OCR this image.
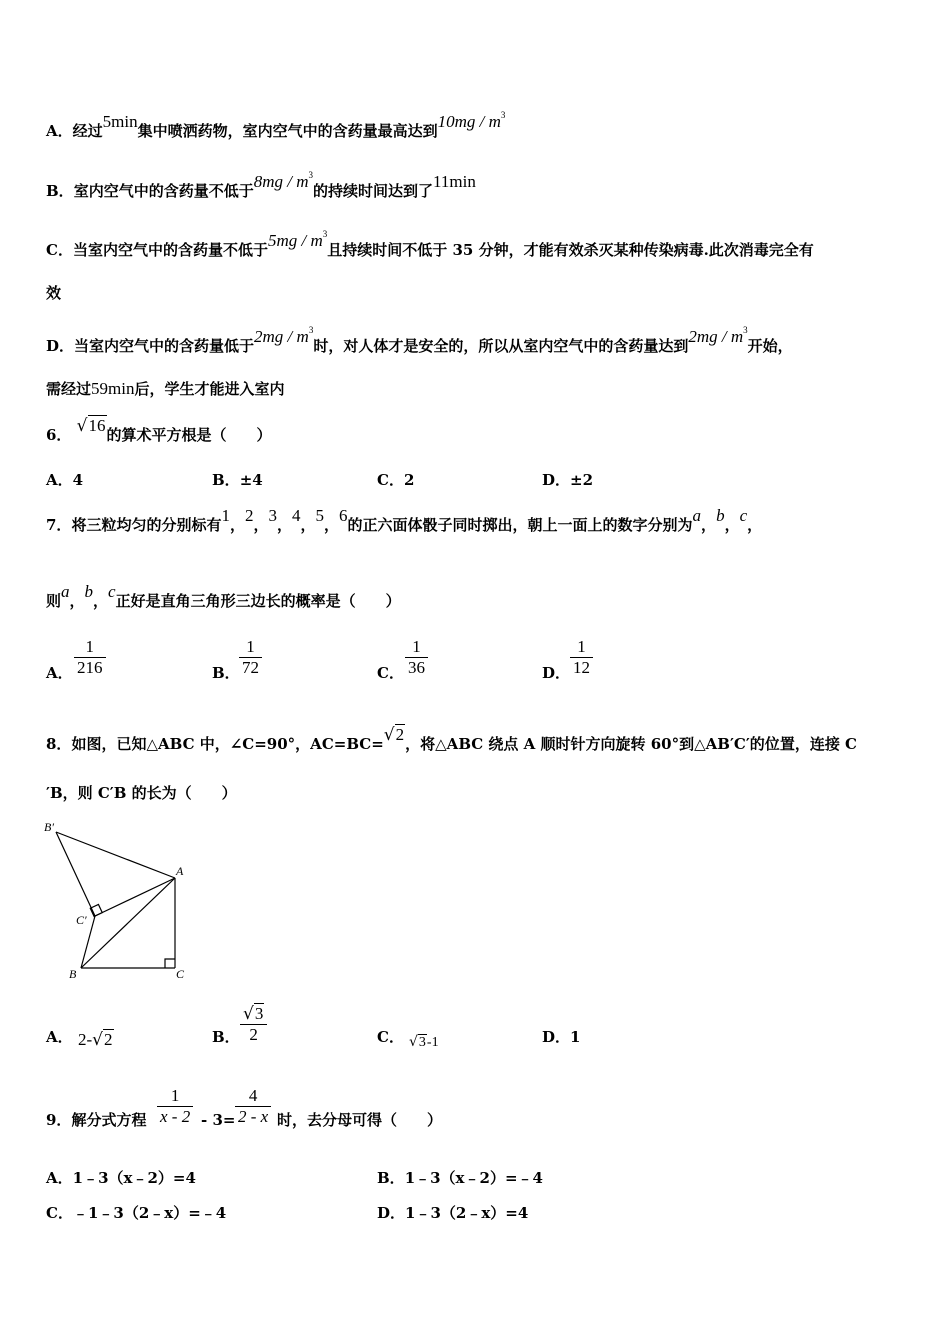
A．经过5min集中喷洒药物，室内空气中的含药量最高达到$10mg / m^3$
B．室内空气中的含药量不低于$8mg / m^3$的持续时间达到了11min
C．当室内空气中的含药量不低于$5mg / m^3$且持续时间不低于 35 分钟，才能有效杀灭某种传染病毒.此次消毒完全有
效
D．当室内空气中的含药量低于$2mg / m^3$时，对人体才是安全的，所以从室内空气中的含药量达到$2mg / m^3$开始，
需经过59min后，学生才能进入室内
6． √16的算术平方根是（　　）
A．4	B．±4	C．2	D．±2
7．将三粒均匀的分别标有1，2，3，4，5，6的正六面体骰子同时掷出，朝上一面上的数字分别为a，b，c，
则a，b，c正好是直角三角形三边长的概率是（　　）
A．
1
216	B．
1
72	C．
1
36	D．
1
12
8．如图，已知△ABC 中，∠C=90°，AC=BC=√2，将△ABC 绕点 A 顺时针方向旋转 60°到△AB′C′的位置，连接 C
′B，则 C′B 的长为（　　）
B′
A
C′
B	C
A． 2-√2	B．
√3
2	C． √3-1	D．1
9．解分式方程
1
x - 2 - 3=
4
2 - x 时，去分母可得（　　）
A．1﹣3（x﹣2）=4	B．1﹣3（x﹣2）=﹣4
C．﹣1﹣3（2﹣x）=﹣4	D．1﹣3（2﹣x）=4
